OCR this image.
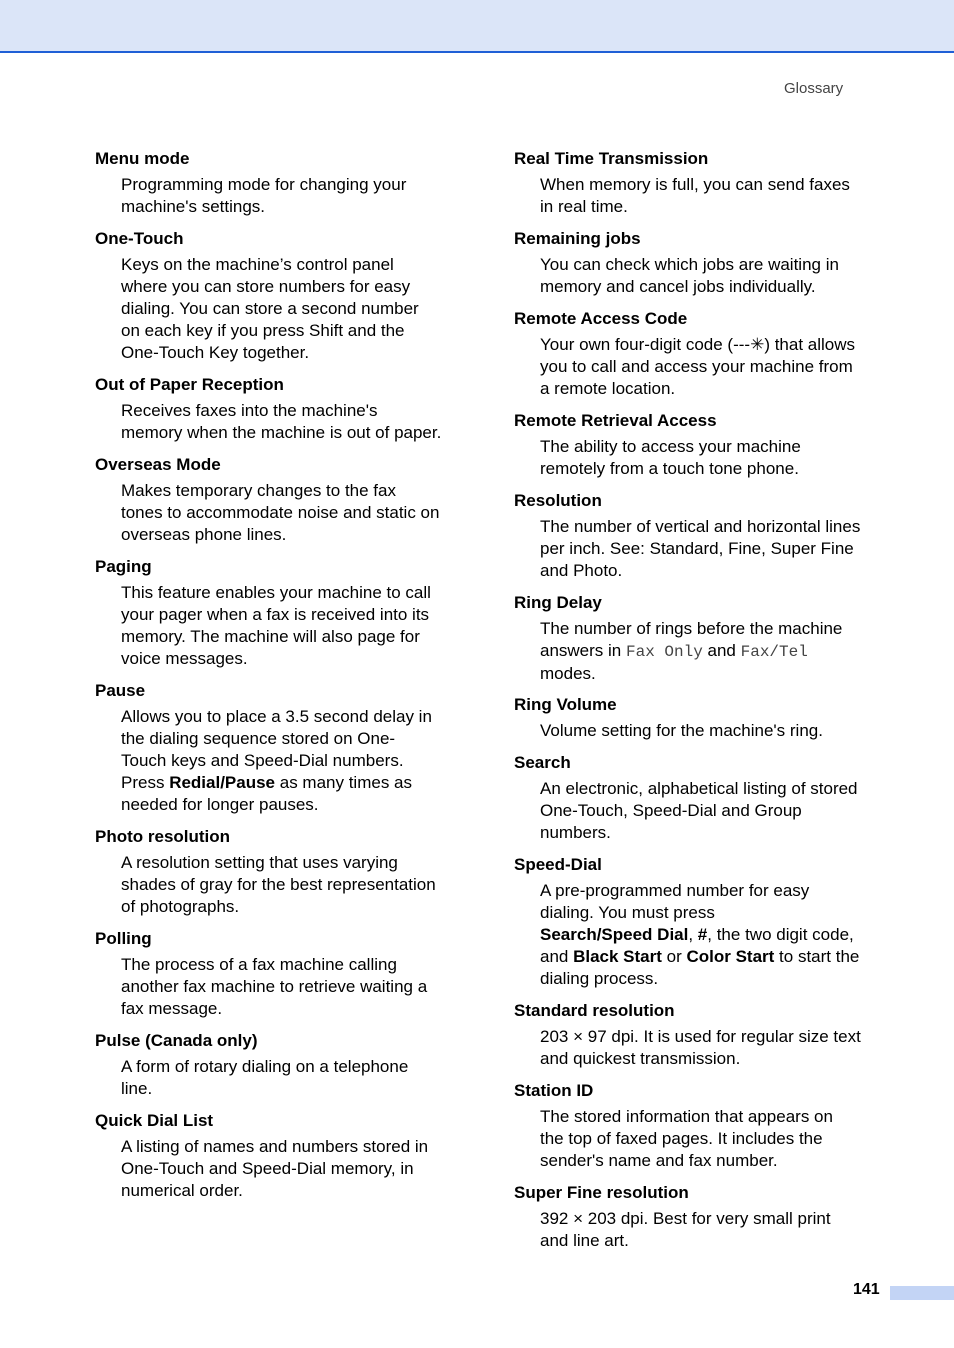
Glossary

Menu mode

Programming mode for changing your
machine's settings.

One-Touch

Keys on the machine’s control panel
where you can store numbers for easy
dialing. You can store a second number
on each key if you press Shift and the
One-Touch Key together.

Out of Paper Reception

Receives faxes into the machine's
memory when the machine is out of paper.

Overseas Mode

Makes temporary changes to the fax
tones to accommodate noise and static on
overseas phone lines.

Paging

This feature enables your machine to call
your pager when a fax is received into its
memory. The machine will also page for
voice messages.

Pause

Allows you to place a 3.5 second delay in
the dialing sequence stored on One-
Touch keys and Speed-Dial numbers.
Press Redial/Pause as many times as
needed for longer pauses.

Photo resolution

A resolution setting that uses varying
shades of gray for the best representation
of photographs.

Polling

The process of a fax machine calling
another fax machine to retrieve waiting a
fax message.

Pulse (Canada only)

A form of rotary dialing on a telephone
line.

Quick Dial List

A listing of names and numbers stored in
One-Touch and Speed-Dial memory, in
numerical order.

Real Time Transmission

When memory is full, you can send faxes
in real time.

Remaining jobs

You can check which jobs are waiting in
memory and cancel jobs individually.

Remote Access Code

Your own four-digit code (---✳) that allows
you to call and access your machine from
a remote location.

Remote Retrieval Access

The ability to access your machine
remotely from a touch tone phone.

Resolution

The number of vertical and horizontal lines
per inch. See: Standard, Fine, Super Fine
and Photo.

Ring Delay

The number of rings before the machine
answers in Fax Only and Fax/Tel
modes.

Ring Volume

Volume setting for the machine's ring.

Search

An electronic, alphabetical listing of stored
One-Touch, Speed-Dial and Group
numbers.

Speed-Dial

A pre-programmed number for easy
dialing. You must press
Search/Speed Dial, #, the two digit code,
and Black Start or Color Start to start the
dialing process.

Standard resolution

203 × 97 dpi. It is used for regular size text
and quickest transmission.

Station ID

The stored information that appears on
the top of faxed pages. It includes the
sender's name and fax number.

Super Fine resolution

392 × 203 dpi. Best for very small print
and line art.

141
